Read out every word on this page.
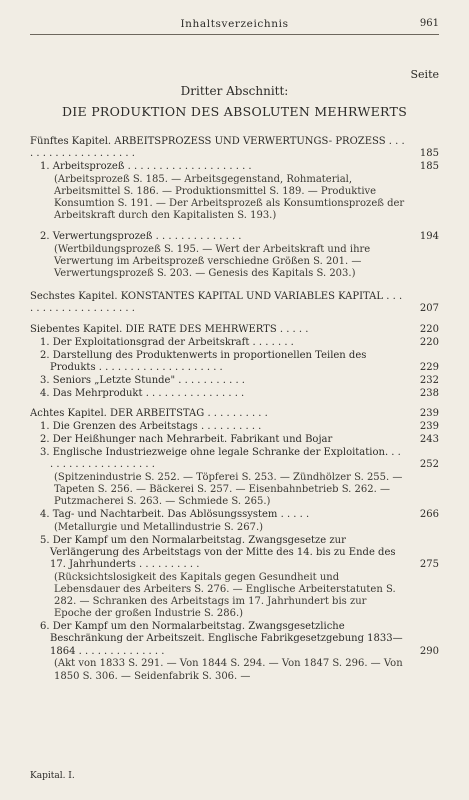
Inhaltsverzeichnis	961
Seite
Dritter Abschnitt:
DIE PRODUKTION DES ABSOLUTEN MEHRWERTS
Fünftes Kapitel. ARBEITSPROZESS UND VERWERTUNGS- PROZESS . . . . . . . . . . . . . . . . . . . .	185
1. Arbeitsprozeß . . . . . . . . . . . . . . . . . . . .	185
(Arbeitsprozeß S. 185. — Arbeitsgegenstand, Rohmaterial, Arbeitsmittel S. 186. — Produktionsmittel S. 189. — Produktive Konsumtion S. 191. — Der Arbeitsprozeß als Konsumtionsprozeß der Arbeitskraft durch den Kapitalisten S. 193.)
2. Verwertungsprozeß . . . . . . . . . . . . . .	194
(Wertbildungsprozeß S. 195. — Wert der Arbeitskraft und ihre Verwertung im Arbeitsprozeß verschiedne Größen S. 201. — Verwertungsprozeß S. 203. — Genesis des Kapitals S. 203.)
Sechstes Kapitel. KONSTANTES KAPITAL UND VARIABLES KAPITAL . . . . . . . . . . . . . . . . . . . .	207
Siebentes Kapitel. DIE RATE DES MEHRWERTS . . . . .	220
1. Der Exploitationsgrad der Arbeitskraft . . . . . . .	220
2. Darstellung des Produktenwerts in proportionellen Teilen des Produkts . . . . . . . . . . . . . . . . . . . .	229
3. Seniors „Letzte Stunde" . . . . . . . . . . .	232
4. Das Mehrprodukt . . . . . . . . . . . . . . . .	238
Achtes Kapitel. DER ARBEITSTAG . . . . . . . . . .	239
1. Die Grenzen des Arbeitstags . . . . . . . . . .	239
2. Der Heißhunger nach Mehrarbeit. Fabrikant und Bojar	243
3. Englische Industriezweige ohne legale Schranke der Exploitation. . . . . . . . . . . . . . . . . . . .	252
(Spitzenindustrie S. 252. — Töpferei S. 253. — Zündhölzer S. 255. — Tapeten S. 256. — Bäckerei S. 257. — Eisenbahnbetrieb S. 262. — Putzmacherei S. 263. — Schmiede S. 265.)
4. Tag- und Nachtarbeit. Das Ablösungssystem . . . . .	266
(Metallurgie und Metallindustrie S. 267.)
5. Der Kampf um den Normalarbeitstag. Zwangsgesetze zur Verlängerung des Arbeitstags von der Mitte des 14. bis zu Ende des 17. Jahrhunderts . . . . . . . . . .	275
(Rücksichtslosigkeit des Kapitals gegen Gesundheit und Lebensdauer des Arbeiters S. 276. — Englische Arbeiterstatuten S. 282. — Schranken des Arbeitstags im 17. Jahrhundert bis zur Epoche der großen Industrie S. 286.)
6. Der Kampf um den Normalarbeitstag. Zwangsgesetzliche Beschränkung der Arbeitszeit. Englische Fabrikgesetzgebung 1833—1864 . . . . . . . . . . . . . .	290
(Akt von 1833 S. 291. — Von 1844 S. 294. — Von 1847 S. 296. — Von 1850 S. 306. — Seidenfabrik S. 306. —
Kapital. I.
